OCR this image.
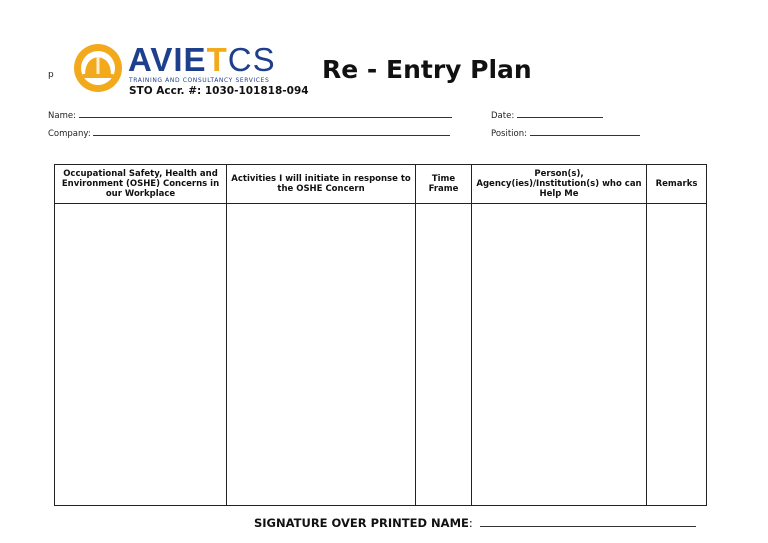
p AVIETCS
TRAINING AND CONSULTANCY SERVICES
STO Accr. #: 1030-101818-094
Re - Entry Plan
Name:
Company:
Date:
Position:
Occupational Safety, Health and Environment (OSHE) Concerns in our Workplace	Activities I will initiate in response to the OSHE Concern	Time Frame	Person(s), Agency(ies)/Institution(s) who can Help Me	Remarks

SIGNATURE OVER PRINTED NAME:
